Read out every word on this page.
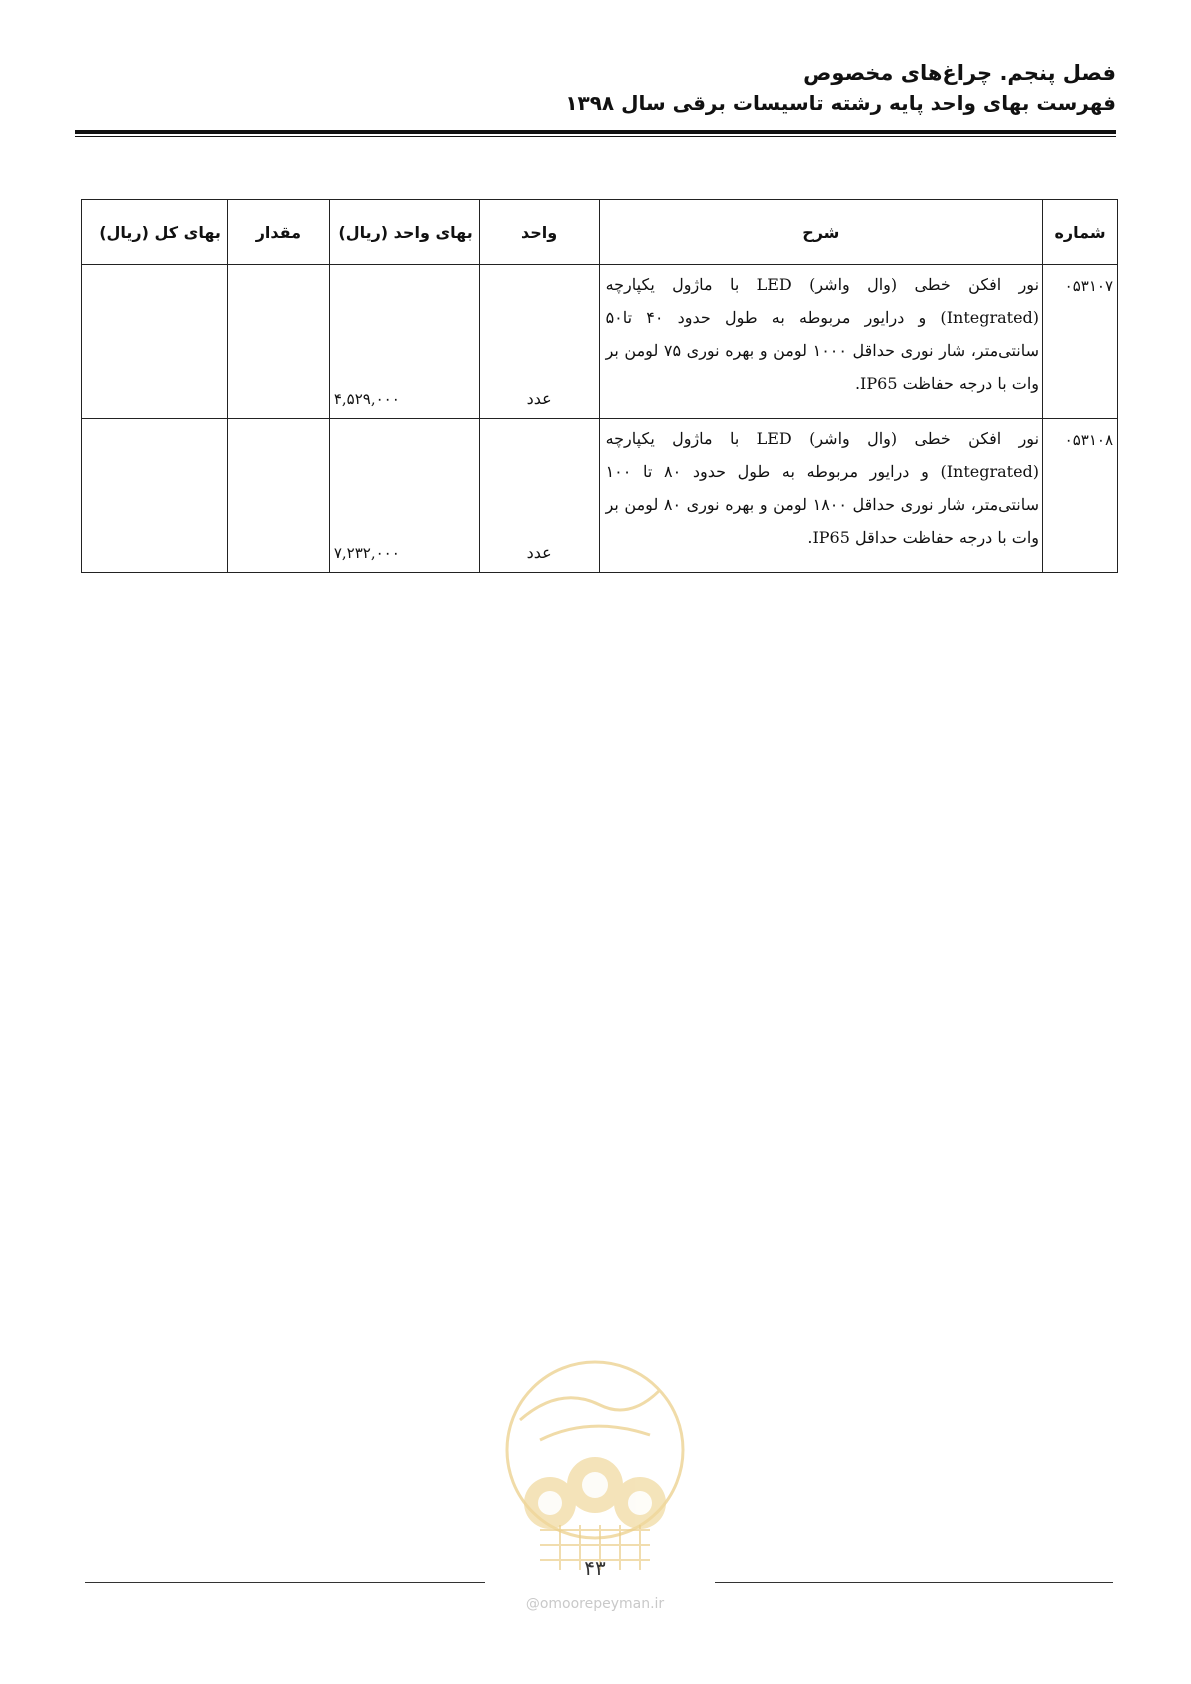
فصل پنجم. چراغ‌های مخصوص
فهرست بهای واحد پایه رشته تاسیسات برقی سال ۱۳۹۸
شماره	شرح	واحد	بهای واحد (ریال)	مقدار	بهای کل (ریال)
۰۵۳۱۰۷	نور افکن خطی (وال واشر) LED با ماژول یکپارچه (Integrated) و درایور مربوطه به طول حدود ۴۰ تا۵۰ سانتی‌متر، شار نوری حداقل ۱۰۰۰ لومن و بهره نوری ۷۵ لومن بر وات با درجه حفاظت IP65.	عدد	۴,۵۲۹,۰۰۰		
۰۵۳۱۰۸	نور افکن خطی (وال واشر) LED با ماژول یکپارچه (Integrated) و درایور مربوطه به طول حدود ۸۰ تا ۱۰۰ سانتی‌متر، شار نوری حداقل ۱۸۰۰ لومن و بهره نوری ۸۰ لومن بر وات با درجه حفاظت حداقل IP65.	عدد	۷,۲۳۲,۰۰۰		
۴۳
@omoorepeyman.ir
